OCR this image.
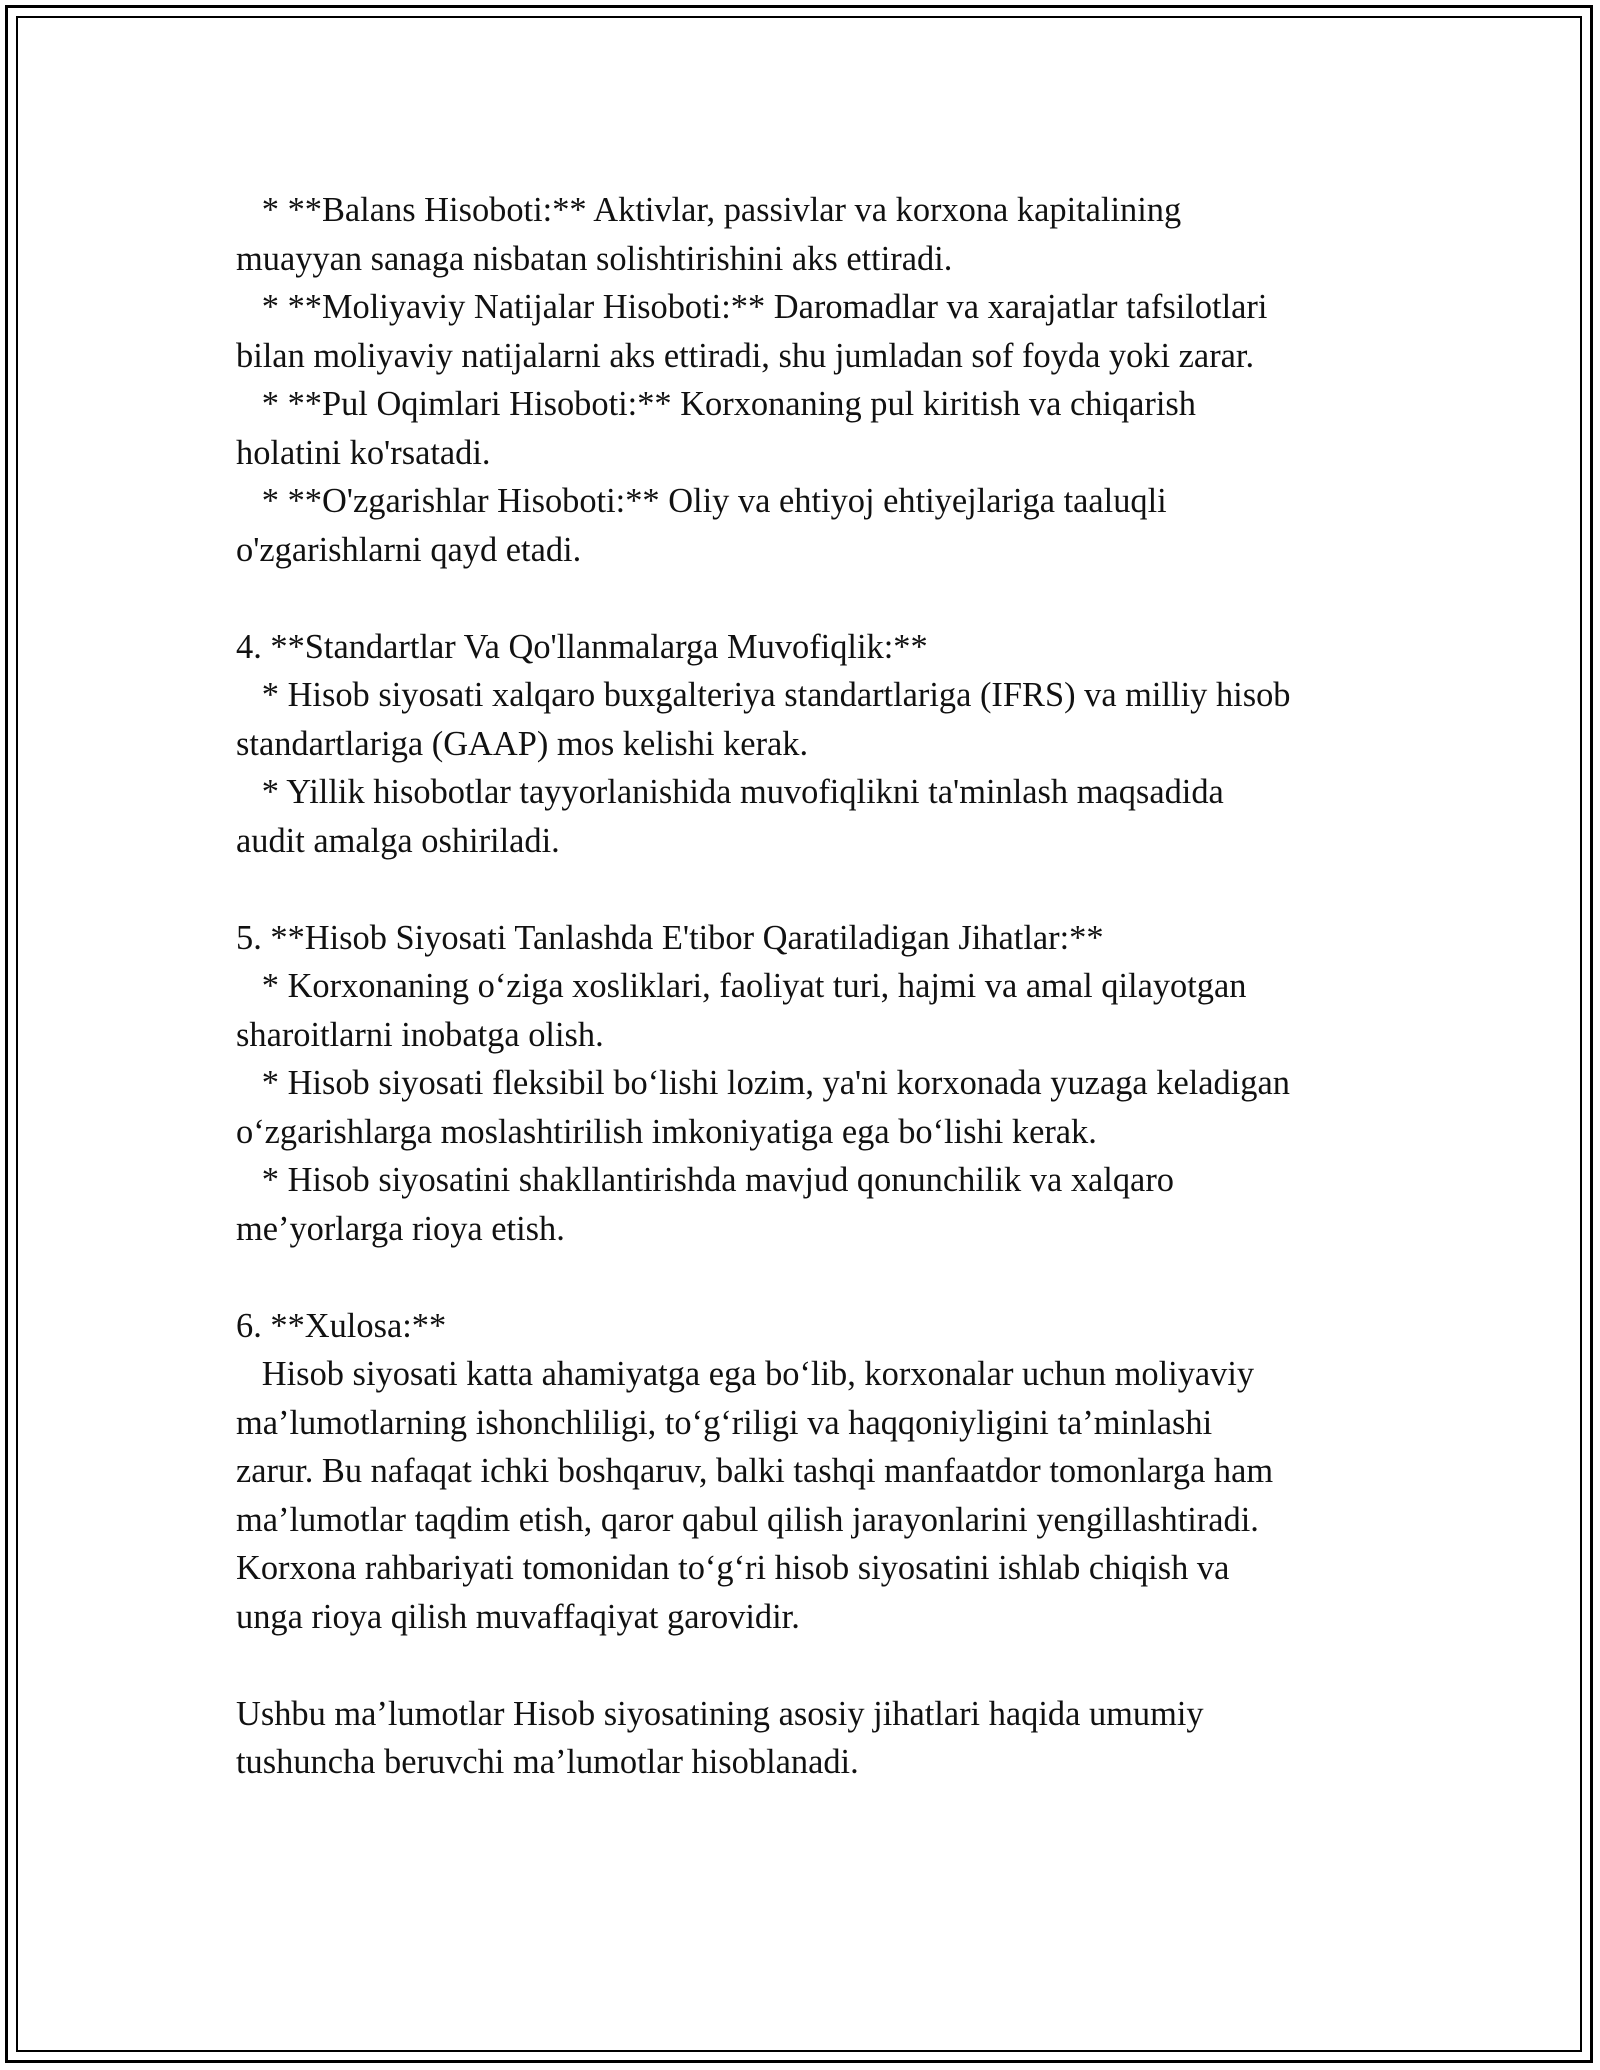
* **Balans Hisoboti:** Aktivlar, passivlar va korxona kapitalining
muayyan sanaga nisbatan solishtirishini aks ettiradi.
* **Moliyaviy Natijalar Hisoboti:** Daromadlar va xarajatlar tafsilotlari
bilan moliyaviy natijalarni aks ettiradi, shu jumladan sof foyda yoki zarar.
* **Pul Oqimlari Hisoboti:** Korxonaning pul kiritish va chiqarish
holatini ko'rsatadi.
* **O'zgarishlar Hisoboti:** Oliy va ehtiyoj ehtiyejlariga taaluqli
o'zgarishlarni qayd etadi.
4. **Standartlar Va Qo'llanmalarga Muvofiqlik:**
* Hisob siyosati xalqaro buxgalteriya standartlariga (IFRS) va milliy hisob
standartlariga (GAAP) mos kelishi kerak.
* Yillik hisobotlar tayyorlanishida muvofiqlikni ta'minlash maqsadida
audit amalga oshiriladi.
5. **Hisob Siyosati Tanlashda E'tibor Qaratiladigan Jihatlar:**
* Korxonaning o‘ziga xosliklari, faoliyat turi, hajmi va amal qilayotgan
sharoitlarni inobatga olish.
* Hisob siyosati fleksibil bo‘lishi lozim, ya'ni korxonada yuzaga keladigan
o‘zgarishlarga moslashtirilish imkoniyatiga ega bo‘lishi kerak.
* Hisob siyosatini shakllantirishda mavjud qonunchilik va xalqaro
me’yorlarga rioya etish.
6. **Xulosa:**
Hisob siyosati katta ahamiyatga ega bo‘lib, korxonalar uchun moliyaviy
ma’lumotlarning ishonchliligi, to‘g‘riligi va haqqoniyligini ta’minlashi
zarur. Bu nafaqat ichki boshqaruv, balki tashqi manfaatdor tomonlarga ham
ma’lumotlar taqdim etish, qaror qabul qilish jarayonlarini yengillashtiradi.
Korxona rahbariyati tomonidan to‘g‘ri hisob siyosatini ishlab chiqish va
unga rioya qilish muvaffaqiyat garovidir.
Ushbu ma’lumotlar Hisob siyosatining asosiy jihatlari haqida umumiy
tushuncha beruvchi ma’lumotlar hisoblanadi.
